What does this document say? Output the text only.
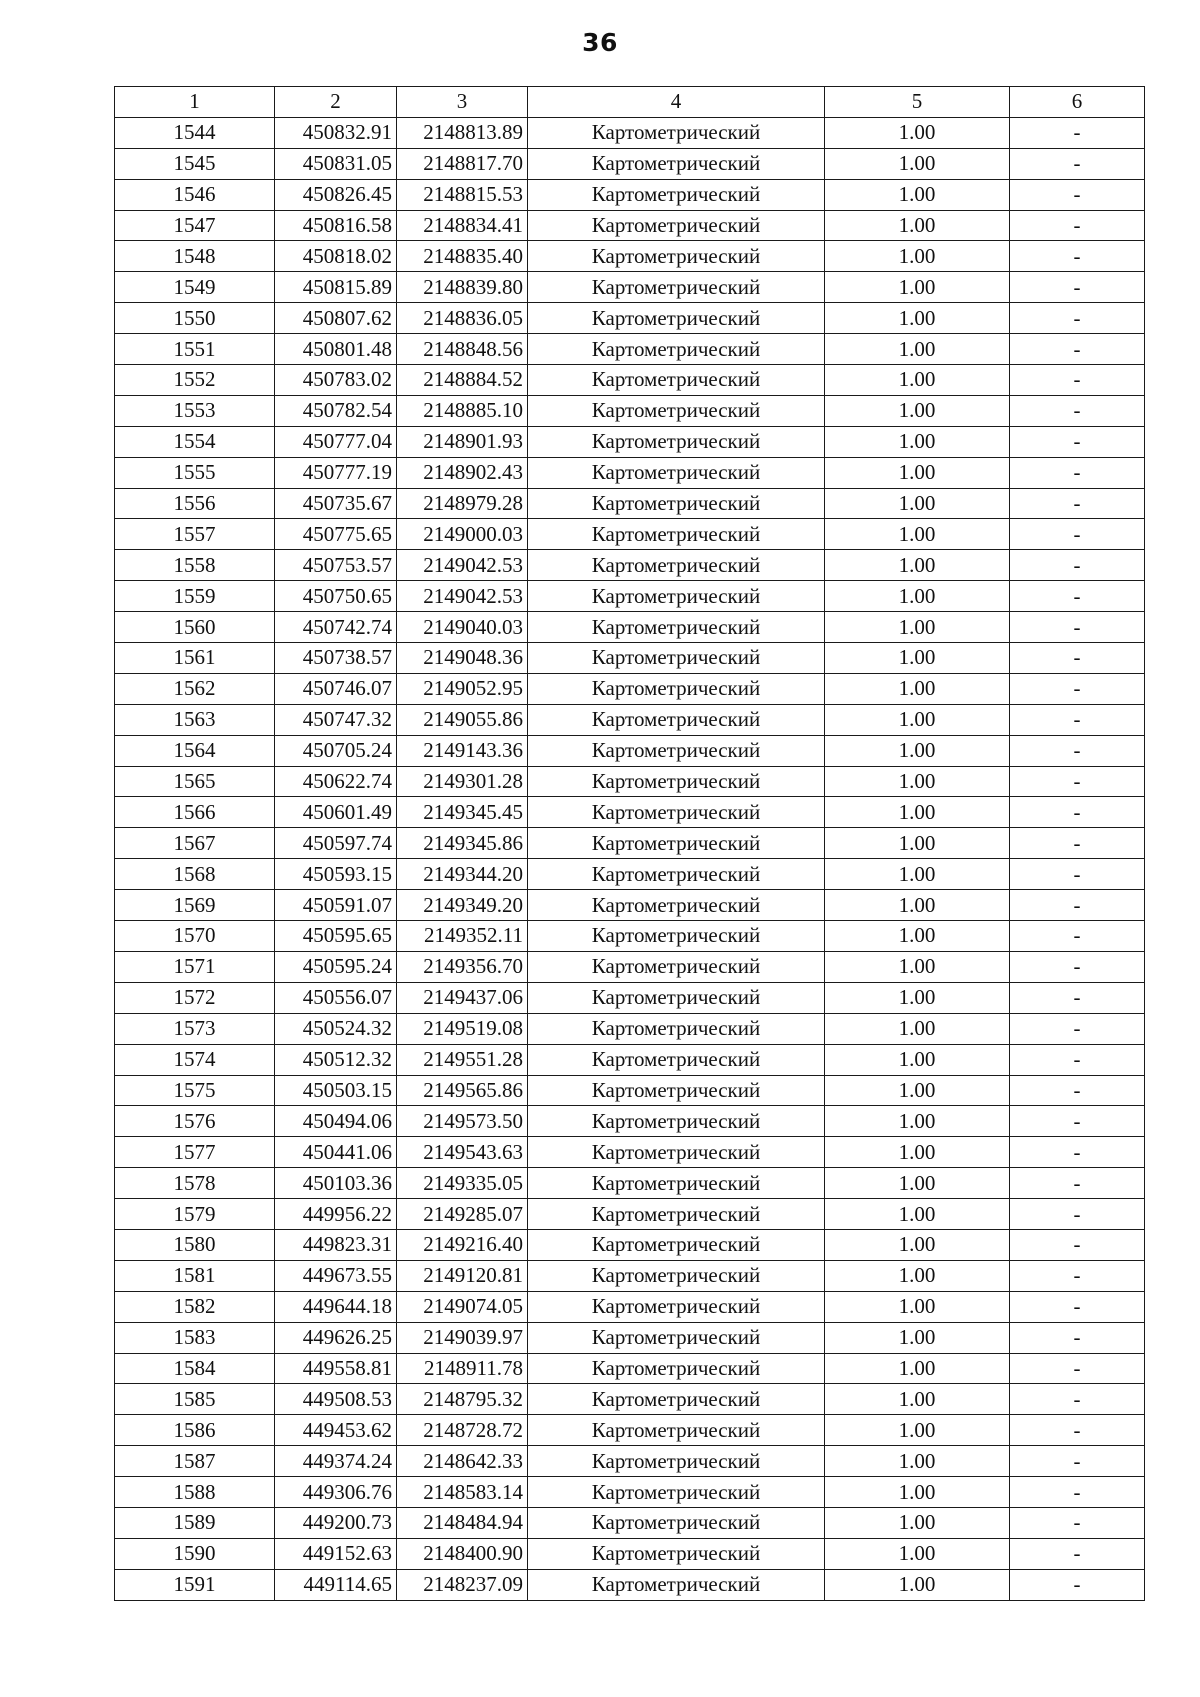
36
1	2	3	4	5	6
1544	450832.91	2148813.89	Картометрический	1.00	-
1545	450831.05	2148817.70	Картометрический	1.00	-
1546	450826.45	2148815.53	Картометрический	1.00	-
1547	450816.58	2148834.41	Картометрический	1.00	-
1548	450818.02	2148835.40	Картометрический	1.00	-
1549	450815.89	2148839.80	Картометрический	1.00	-
1550	450807.62	2148836.05	Картометрический	1.00	-
1551	450801.48	2148848.56	Картометрический	1.00	-
1552	450783.02	2148884.52	Картометрический	1.00	-
1553	450782.54	2148885.10	Картометрический	1.00	-
1554	450777.04	2148901.93	Картометрический	1.00	-
1555	450777.19	2148902.43	Картометрический	1.00	-
1556	450735.67	2148979.28	Картометрический	1.00	-
1557	450775.65	2149000.03	Картометрический	1.00	-
1558	450753.57	2149042.53	Картометрический	1.00	-
1559	450750.65	2149042.53	Картометрический	1.00	-
1560	450742.74	2149040.03	Картометрический	1.00	-
1561	450738.57	2149048.36	Картометрический	1.00	-
1562	450746.07	2149052.95	Картометрический	1.00	-
1563	450747.32	2149055.86	Картометрический	1.00	-
1564	450705.24	2149143.36	Картометрический	1.00	-
1565	450622.74	2149301.28	Картометрический	1.00	-
1566	450601.49	2149345.45	Картометрический	1.00	-
1567	450597.74	2149345.86	Картометрический	1.00	-
1568	450593.15	2149344.20	Картометрический	1.00	-
1569	450591.07	2149349.20	Картометрический	1.00	-
1570	450595.65	2149352.11	Картометрический	1.00	-
1571	450595.24	2149356.70	Картометрический	1.00	-
1572	450556.07	2149437.06	Картометрический	1.00	-
1573	450524.32	2149519.08	Картометрический	1.00	-
1574	450512.32	2149551.28	Картометрический	1.00	-
1575	450503.15	2149565.86	Картометрический	1.00	-
1576	450494.06	2149573.50	Картометрический	1.00	-
1577	450441.06	2149543.63	Картометрический	1.00	-
1578	450103.36	2149335.05	Картометрический	1.00	-
1579	449956.22	2149285.07	Картометрический	1.00	-
1580	449823.31	2149216.40	Картометрический	1.00	-
1581	449673.55	2149120.81	Картометрический	1.00	-
1582	449644.18	2149074.05	Картометрический	1.00	-
1583	449626.25	2149039.97	Картометрический	1.00	-
1584	449558.81	2148911.78	Картометрический	1.00	-
1585	449508.53	2148795.32	Картометрический	1.00	-
1586	449453.62	2148728.72	Картометрический	1.00	-
1587	449374.24	2148642.33	Картометрический	1.00	-
1588	449306.76	2148583.14	Картометрический	1.00	-
1589	449200.73	2148484.94	Картометрический	1.00	-
1590	449152.63	2148400.90	Картометрический	1.00	-
1591	449114.65	2148237.09	Картометрический	1.00	-
